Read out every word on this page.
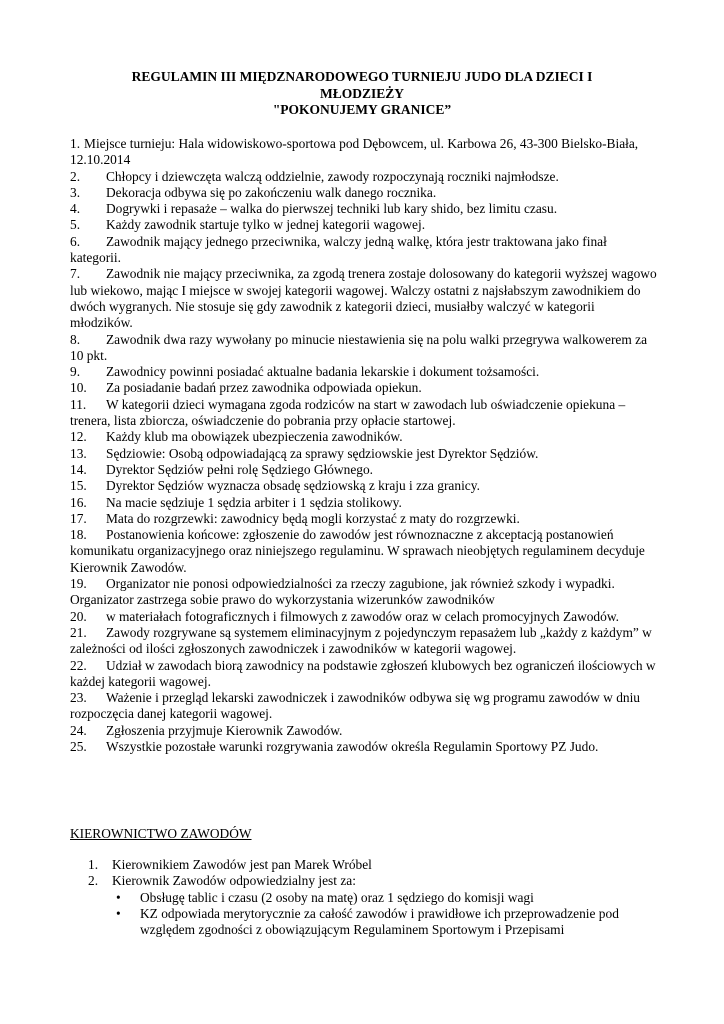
REGULAMIN III MIĘDZNARODOWEGO TURNIEJU JUDO DLA DZIECI I
MŁODZIEŻY
"POKONUJEMY GRANICE”

1. Miejsce turnieju: Hala widowiskowo-sportowa pod Dębowcem, ul. Karbowa 26, 43-300 Bielsko-Biała, 12.10.2014

2. Chłopcy i dziewczęta walczą oddzielnie, zawody rozpoczynają roczniki najmłodsze.

3. Dekoracja odbywa się po zakończeniu walk danego rocznika.

4. Dogrywki i repasaże – walka do pierwszej techniki lub kary shido, bez limitu czasu.

5. Każdy zawodnik startuje tylko w jednej kategorii wagowej.

6. Zawodnik mający jednego przeciwnika, walczy jedną walkę, która jestr traktowana jako finał kategorii.

7. Zawodnik nie mający przeciwnika, za zgodą trenera zostaje dolosowany do kategorii wyższej wagowo lub wiekowo, mając I miejsce w swojej kategorii wagowej. Walczy ostatni z najsłabszym zawodnikiem do dwóch wygranych. Nie stosuje się gdy zawodnik z kategorii dzieci, musiałby walczyć w kategorii młodzików.

8. Zawodnik dwa razy wywołany po minucie niestawienia się na polu walki przegrywa walkowerem za 10 pkt.

9. Zawodnicy powinni posiadać aktualne badania lekarskie i dokument tożsamości.

10. Za posiadanie badań przez zawodnika odpowiada opiekun.

11. W kategorii dzieci wymagana zgoda rodziców na start w zawodach lub oświadczenie opiekuna – trenera, lista zbiorcza, oświadczenie do pobrania przy opłacie startowej.

12. Każdy klub ma obowiązek ubezpieczenia zawodników.

13. Sędziowie: Osobą odpowiadającą za sprawy sędziowskie jest Dyrektor Sędziów.

14. Dyrektor Sędziów pełni rolę Sędziego Głównego.

15. Dyrektor Sędziów wyznacza obsadę sędziowską z kraju i zza granicy.

16. Na macie sędziuje 1 sędzia arbiter i 1 sędzia stolikowy.

17. Mata do rozgrzewki: zawodnicy będą mogli korzystać z maty do rozgrzewki.

18. Postanowienia końcowe: zgłoszenie do zawodów jest równoznaczne z akceptacją postanowień komunikatu organizacyjnego oraz niniejszego regulaminu. W sprawach nieobjętych regulaminem decyduje Kierownik Zawodów.

19. Organizator nie ponosi odpowiedzialności za rzeczy zagubione, jak również szkody i wypadki. Organizator zastrzega sobie prawo do wykorzystania wizerunków zawodników

20. w materiałach fotograficznych i filmowych z zawodów oraz w celach promocyjnych Zawodów.

21. Zawody rozgrywane są systemem eliminacyjnym z pojedynczym repasażem lub „każdy z każdym” w zależności od ilości zgłoszonych zawodniczek i zawodników w kategorii wagowej.

22. Udział w zawodach biorą zawodnicy na podstawie zgłoszeń klubowych bez ograniczeń ilościowych w każdej kategorii wagowej.

23. Ważenie i przegląd lekarski zawodniczek i zawodników odbywa się wg programu zawodów w dniu rozpoczęcia danej kategorii wagowej.

24. Zgłoszenia przyjmuje Kierownik Zawodów.

25. Wszystkie pozostałe warunki rozgrywania zawodów określa Regulamin Sportowy PZ Judo.

KIEROWNICTWO ZAWODÓW
1. Kierownikiem Zawodów jest pan Marek Wróbel
2. Kierownik Zawodów odpowiedzialny jest za:
• Obsługę tablic i czasu (2 osoby na matę) oraz 1 sędziego do komisji wagi
• KZ odpowiada merytorycznie za całość zawodów i prawidłowe ich przeprowadzenie pod względem zgodności z obowiązującym Regulaminem Sportowym i Przepisami
